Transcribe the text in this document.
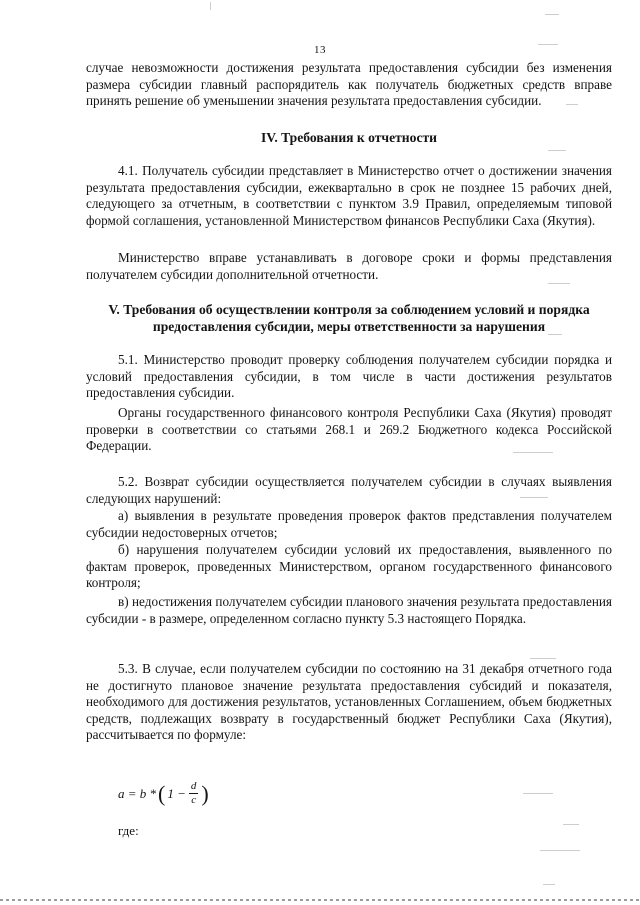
13
случае невозможности достижения результата предоставления субсидии без изменения размера субсидии главный распорядитель как получатель бюджетных средств вправе принять решение об уменьшении значения результата предоставления субсидии.
IV. Требования к отчетности
4.1. Получатель субсидии представляет в Министерство отчет о достижении значения результата предоставления субсидии, ежеквартально в срок не позднее 15 рабочих дней, следующего за отчетным, в соответствии с пунктом 3.9 Правил, определяемым типовой формой соглашения, установленной Министерством финансов Республики Саха (Якутия).
Министерство вправе устанавливать в договоре сроки и формы представления получателем субсидии дополнительной отчетности.
V. Требования об осуществлении контроля за соблюдением условий и порядка предоставления субсидии, меры ответственности за нарушения
5.1. Министерство проводит проверку соблюдения получателем субсидии порядка и условий предоставления субсидии, в том числе в части достижения результатов предоставления субсидии.
Органы государственного финансового контроля Республики Саха (Якутия) проводят проверки в соответствии со статьями 268.1 и 269.2 Бюджетного кодекса Российской Федерации.
5.2. Возврат субсидии осуществляется получателем субсидии в случаях выявления следующих нарушений:
а) выявления в результате проведения проверок фактов представления получателем субсидии недостоверных отчетов;
б) нарушения получателем субсидии условий их предоставления, выявленного по фактам проверок, проведенных Министерством, органом государственного финансового контроля;
в) недостижения получателем субсидии планового значения результата предоставления субсидии - в размере, определенном согласно пункту 5.3 настоящего Порядка.
5.3. В случае, если получателем субсидии по состоянию на 31 декабря отчетного года не достигнуто плановое значение результата предоставления субсидий и показателя, необходимого для достижения результатов, установленных Соглашением, объем бюджетных средств, подлежащих возврату в государственный бюджет Республики Саха (Якутия), рассчитывается по формуле:
a = b * ( $1 - \frac{d}{c}$ )
где:
